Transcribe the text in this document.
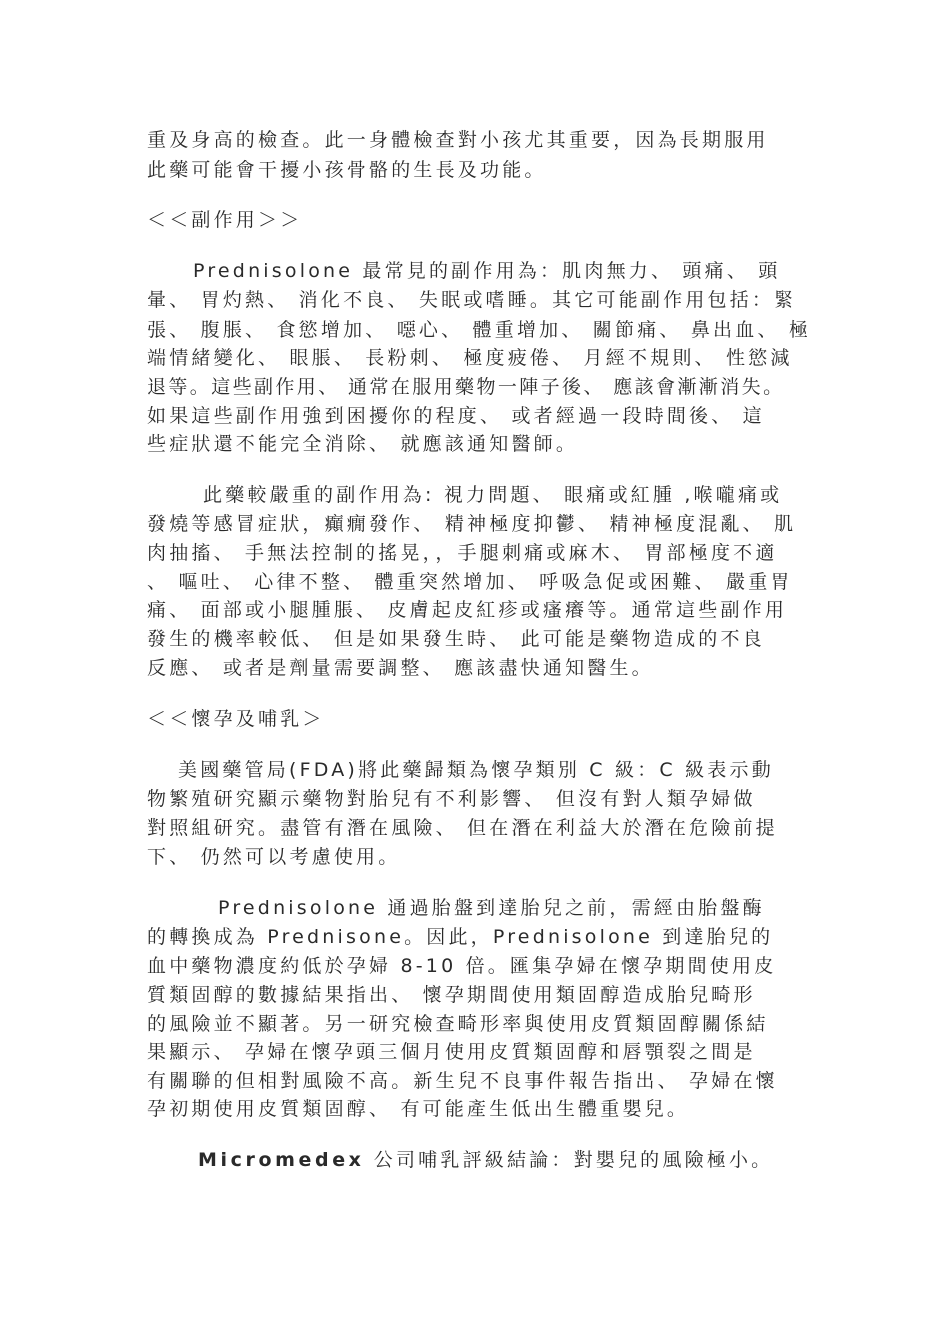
重及身高的檢查。此一身體檢查對小孩尤其重要，因為長期服用
此藥可能會干擾小孩骨骼的生長及功能。
＜＜副作用＞＞
Prednisolone 最常見的副作用為：肌肉無力、 頭痛、 頭
暈、 胃灼熱、 消化不良、 失眠或嗜睡。其它可能副作用包括：緊
張、 腹脹、 食慾增加、 噁心、 體重增加、 關節痛、 鼻出血、 極
端情緒變化、 眼脹、 長粉刺、 極度疲倦、 月經不規則、 性慾減
退等。這些副作用、 通常在服用藥物一陣子後、 應該會漸漸消失。
如果這些副作用強到困擾你的程度、 或者經過一段時間後、 這
些症狀還不能完全消除、 就應該通知醫師。
此藥較嚴重的副作用為: 視力問題、 眼痛或紅腫 ,喉嚨痛或
發燒等感冒症狀，癲癇發作、 精神極度抑鬱、 精神極度混亂、 肌
肉抽搐、 手無法控制的搖晃，，手腿刺痛或麻木、 胃部極度不適
、 嘔吐、 心律不整、 體重突然增加、 呼吸急促或困難、 嚴重胃
痛、 面部或小腿腫脹、 皮膚起皮紅疹或瘙癢等。通常這些副作用
發生的機率較低、 但是如果發生時、 此可能是藥物造成的不良
反應、 或者是劑量需要調整、 應該盡快通知醫生。
＜＜懷孕及哺乳＞
美國藥管局(FDA)將此藥歸類為懷孕類別 C 級：C 級表示動
物繁殖研究顯示藥物對胎兒有不利影響、 但沒有對人類孕婦做
對照組研究。盡管有潛在風險、 但在潛在利益大於潛在危險前提
下、 仍然可以考慮使用。
Prednisolone 通過胎盤到達胎兒之前，需經由胎盤酶
的轉換成為 Prednisone。因此，Prednisolone 到達胎兒的
血中藥物濃度約低於孕婦 8-10 倍。匯集孕婦在懷孕期間使用皮
質類固醇的數據結果指出、 懷孕期間使用類固醇造成胎兒畸形
的風險並不顯著。另一研究檢查畸形率與使用皮質類固醇關係結
果顯示、 孕婦在懷孕頭三個月使用皮質類固醇和唇顎裂之間是
有關聯的但相對風險不高。新生兒不良事件報告指出、 孕婦在懷
孕初期使用皮質類固醇、 有可能產生低出生體重嬰兒。
Micromedex 公司哺乳評級結論：對嬰兒的風險極小。
